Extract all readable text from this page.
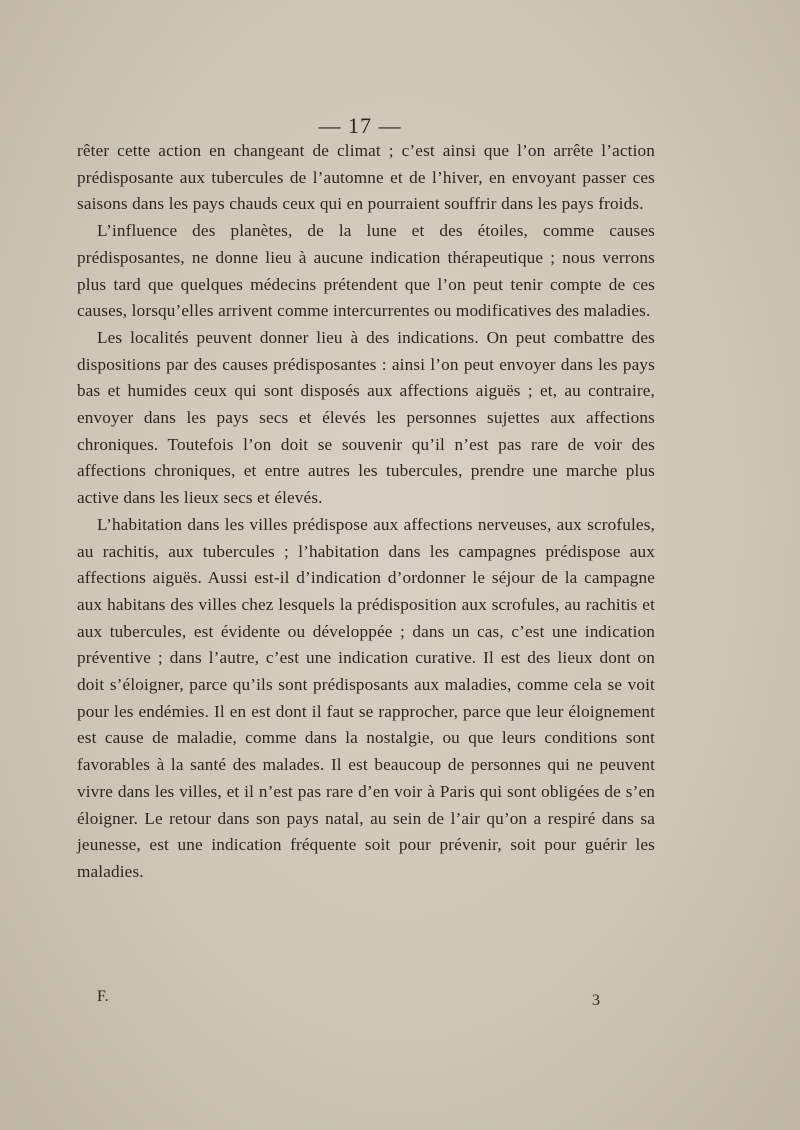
— 17 —

rêter cette action en changeant de climat ; c’est ainsi que l’on arrête l’action prédisposante aux tubercules de l’automne et de l’hiver, en envoyant passer ces saisons dans les pays chauds ceux qui en pourraient souffrir dans les pays froids.

L’influence des planètes, de la lune et des étoiles, comme causes prédisposantes, ne donne lieu à aucune indication thérapeutique ; nous verrons plus tard que quelques médecins prétendent que l’on peut tenir compte de ces causes, lorsqu’elles arrivent comme intercurrentes ou modificatives des maladies.

Les localités peuvent donner lieu à des indications. On peut combattre des dispositions par des causes prédisposantes : ainsi l’on peut envoyer dans les pays bas et humides ceux qui sont disposés aux affections aiguës ; et, au contraire, envoyer dans les pays secs et élevés les personnes sujettes aux affections chroniques. Toutefois l’on doit se souvenir qu’il n’est pas rare de voir des affections chroniques, et entre autres les tubercules, prendre une marche plus active dans les lieux secs et élevés.

L’habitation dans les villes prédispose aux affections nerveuses, aux scrofules, au rachitis, aux tubercules ; l’habitation dans les campagnes prédispose aux affections aiguës. Aussi est-il d’indication d’ordonner le séjour de la campagne aux habitans des villes chez lesquels la prédisposition aux scrofules, au rachitis et aux tubercules, est évidente ou développée ; dans un cas, c’est une indication préventive ; dans l’autre, c’est une indication curative. Il est des lieux dont on doit s’éloigner, parce qu’ils sont prédisposants aux maladies, comme cela se voit pour les endémies. Il en est dont il faut se rapprocher, parce que leur éloignement est cause de maladie, comme dans la nostalgie, ou que leurs conditions sont favorables à la santé des malades. Il est beaucoup de personnes qui ne peuvent vivre dans les villes, et il n’est pas rare d’en voir à Paris qui sont obligées de s’en éloigner. Le retour dans son pays natal, au sein de l’air qu’on a respiré dans sa jeunesse, est une indication fréquente soit pour prévenir, soit pour guérir les maladies.

F.	3
